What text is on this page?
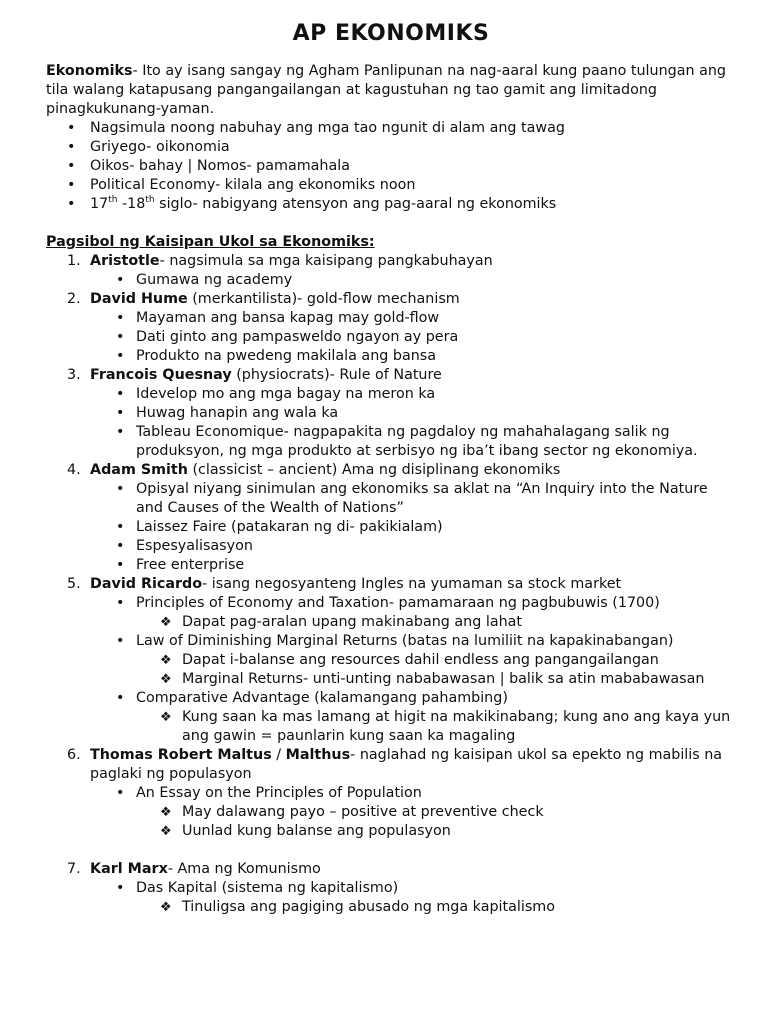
AP EKONOMIKS

Ekonomiks- Ito ay isang sangay ng Agham Panlipunan na nag-aaral kung paano tulungan ang tila walang katapusang pangangailangan at kagustuhan ng tao gamit ang limitadong pinagkukunang-yaman.

• Nagsimula noong nabuhay ang mga tao ngunit di alam ang tawag
• Griyego- oikonomia
• Oikos- bahay | Nomos- pamamahala
• Political Economy- kilala ang ekonomiks noon
• 17th -18th siglo- nabigyang atensyon ang pag-aaral ng ekonomiks

Pagsibol ng Kaisipan Ukol sa Ekonomiks:

1. Aristotle- nagsimula sa mga kaisipang pangkabuhayan
• Gumawa ng academy
2. David Hume (merkantilista)- gold-flow mechanism
• Mayaman ang bansa kapag may gold-flow
• Dati ginto ang pampasweldo ngayon ay pera
• Produkto na pwedeng makilala ang bansa
3. Francois Quesnay (physiocrats)- Rule of Nature
• Idevelop mo ang mga bagay na meron ka
• Huwag hanapin ang wala ka
• Tableau Economique- nagpapakita ng pagdaloy ng mahahalagang salik ng produksyon, ng mga produkto at serbisyo ng iba’t ibang sector ng ekonomiya.
4. Adam Smith (classicist – ancient) Ama ng disiplinang ekonomiks
• Opisyal niyang sinimulan ang ekonomiks sa aklat na “An Inquiry into the Nature and Causes of the Wealth of Nations”
• Laissez Faire (patakaran ng di- pakikialam)
• Espesyalisasyon
• Free enterprise
5. David Ricardo- isang negosyanteng Ingles na yumaman sa stock market
• Principles of Economy and Taxation- pamamaraan ng pagbubuwis (1700)
❖ Dapat pag-aralan upang makinabang ang lahat
• Law of Diminishing Marginal Returns (batas na lumiliit na kapakinabangan)
❖ Dapat i-balanse ang resources dahil endless ang pangangailangan
❖ Marginal Returns- unti-unting nababawasan | balik sa atin mababawasan
• Comparative Advantage (kalamangang pahambing)
❖ Kung saan ka mas lamang at higit na makikinabang; kung ano ang kaya yun ang gawin = paunlarin kung saan ka magaling
6. Thomas Robert Maltus / Malthus- naglahad ng kaisipan ukol sa epekto ng mabilis na paglaki ng populasyon
• An Essay on the Principles of Population
❖ May dalawang payo – positive at preventive check
❖ Uunlad kung balanse ang populasyon
7. Karl Marx- Ama ng Komunismo
• Das Kapital (sistema ng kapitalismo)
❖ Tinuligsa ang pagiging abusado ng mga kapitalismo
